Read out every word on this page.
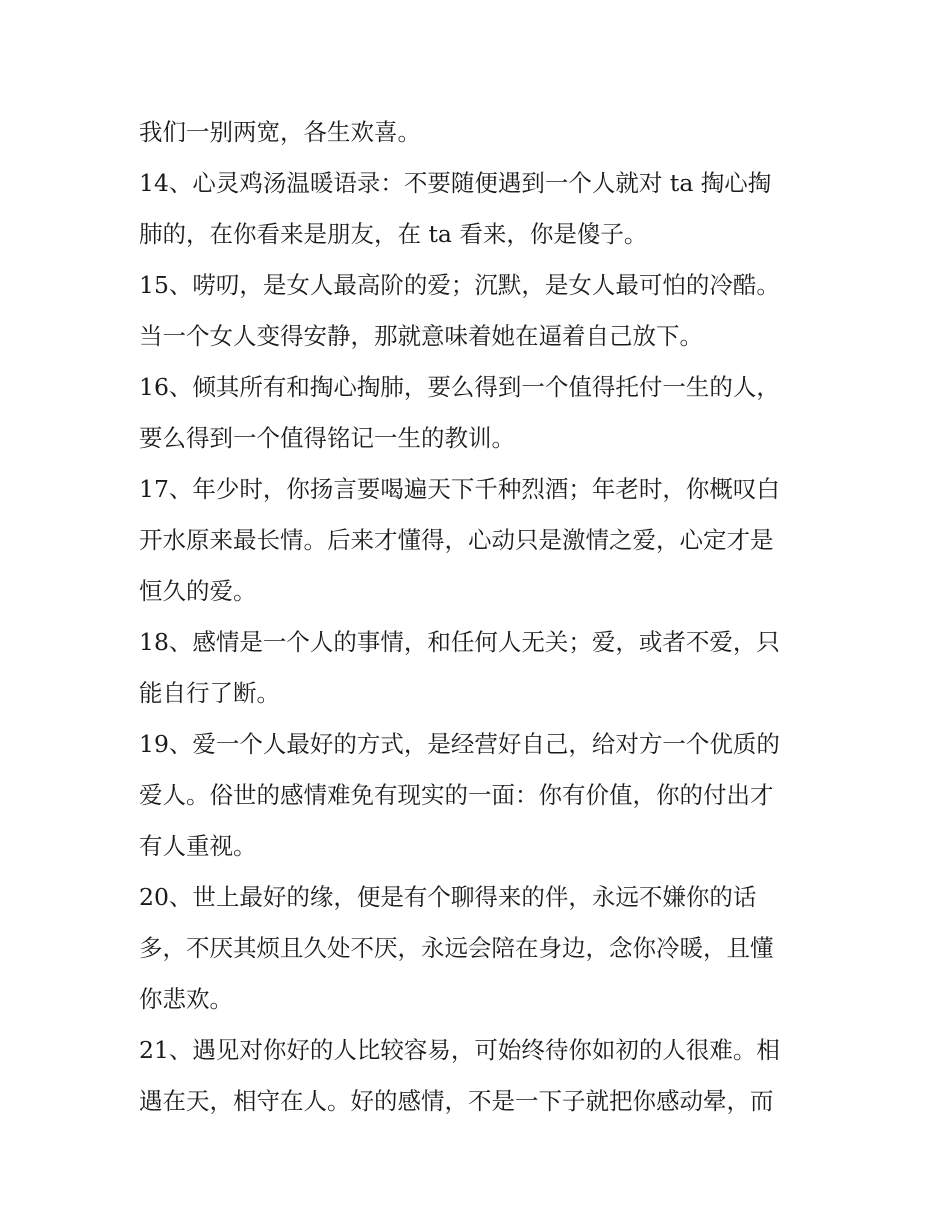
我们一别两宽，各生欢喜。
14、心灵鸡汤温暖语录：不要随便遇到一个人就对 ta 掏心掏
肺的，在你看来是朋友，在 ta 看来，你是傻子。
15、唠叨，是女人最高阶的爱；沉默，是女人最可怕的冷酷。
当一个女人变得安静，那就意味着她在逼着自己放下。
16、倾其所有和掏心掏肺，要么得到一个值得托付一生的人，
要么得到一个值得铭记一生的教训。
17、年少时，你扬言要喝遍天下千种烈酒；年老时，你概叹白
开水原来最长情。后来才懂得，心动只是激情之爱，心定才是
恒久的爱。
18、感情是一个人的事情，和任何人无关；爱，或者不爱，只
能自行了断。
19、爱一个人最好的方式，是经营好自己，给对方一个优质的
爱人。俗世的感情难免有现实的一面：你有价值，你的付出才
有人重视。
20、世上最好的缘，便是有个聊得来的伴，永远不嫌你的话
多，不厌其烦且久处不厌，永远会陪在身边，念你冷暖，且懂
你悲欢。
21、遇见对你好的人比较容易，可始终待你如初的人很难。相
遇在天，相守在人。好的感情，不是一下子就把你感动晕，而
